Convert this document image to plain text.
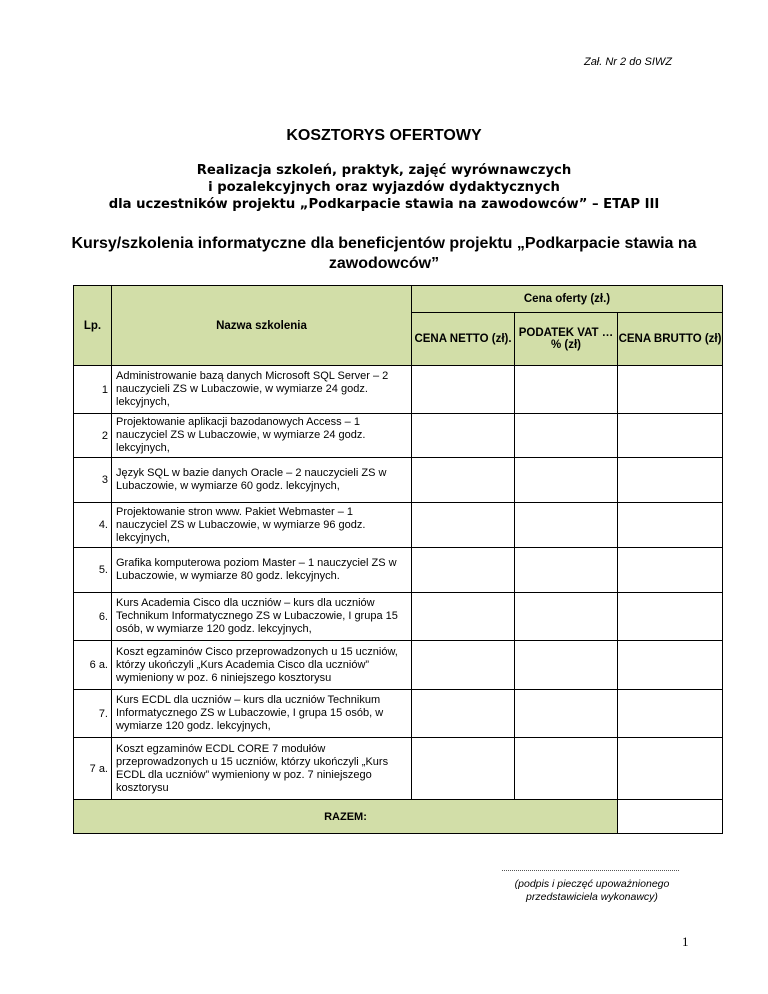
Zał. Nr 2 do SIWZ
KOSZTORYS OFERTOWY
Realizacja szkoleń, praktyk, zajęć wyrównawczych
i pozalekcyjnych oraz wyjazdów dydaktycznych
dla uczestników projektu „Podkarpacie stawia na zawodowców” – ETAP III
Kursy/szkolenia informatyczne dla beneficjentów projektu „Podkarpacie stawia na zawodowców”
Lp.	Nazwa szkolenia	Cena oferty (zł.)		
		CENA NETTO (zł).	PODATEK VAT …% (zł)	CENA BRUTTO (zł)
1	Administrowanie bazą danych Microsoft SQL Server – 2 nauczycieli ZS w Lubaczowie, w wymiarze 24 godz. lekcyjnych,			
2	Projektowanie aplikacji bazodanowych Access – 1 nauczyciel ZS w Lubaczowie, w wymiarze 24 godz. lekcyjnych,			
3	Język SQL w bazie danych Oracle – 2 nauczycieli ZS w Lubaczowie, w wymiarze 60 godz. lekcyjnych,			
4.	Projektowanie stron www. Pakiet Webmaster – 1 nauczyciel ZS w Lubaczowie, w wymiarze 96 godz. lekcyjnych,			
5.	Grafika komputerowa poziom Master – 1 nauczyciel ZS w Lubaczowie, w wymiarze 80 godz. lekcyjnych.			
6.	Kurs Academia Cisco dla uczniów – kurs dla uczniów Technikum Informatycznego ZS w Lubaczowie, I grupa 15 osób, w wymiarze 120 godz. lekcyjnych,			
6 a.	Koszt egzaminów Cisco przeprowadzonych u 15 uczniów, którzy ukończyli „Kurs Academia Cisco dla uczniów” wymieniony w poz. 6 niniejszego kosztorysu			
7.	Kurs ECDL dla uczniów – kurs dla uczniów Technikum Informatycznego ZS w Lubaczowie, I grupa 15 osób, w wymiarze 120 godz. lekcyjnych,			
7 a.	Koszt egzaminów ECDL CORE 7 modułów przeprowadzonych u 15 uczniów, którzy ukończyli „Kurs ECDL dla uczniów” wymieniony w poz. 7 niniejszego kosztorysu			
RAZEM:				
(podpis i pieczęć upoważnionego
przedstawiciela wykonawcy)
1
